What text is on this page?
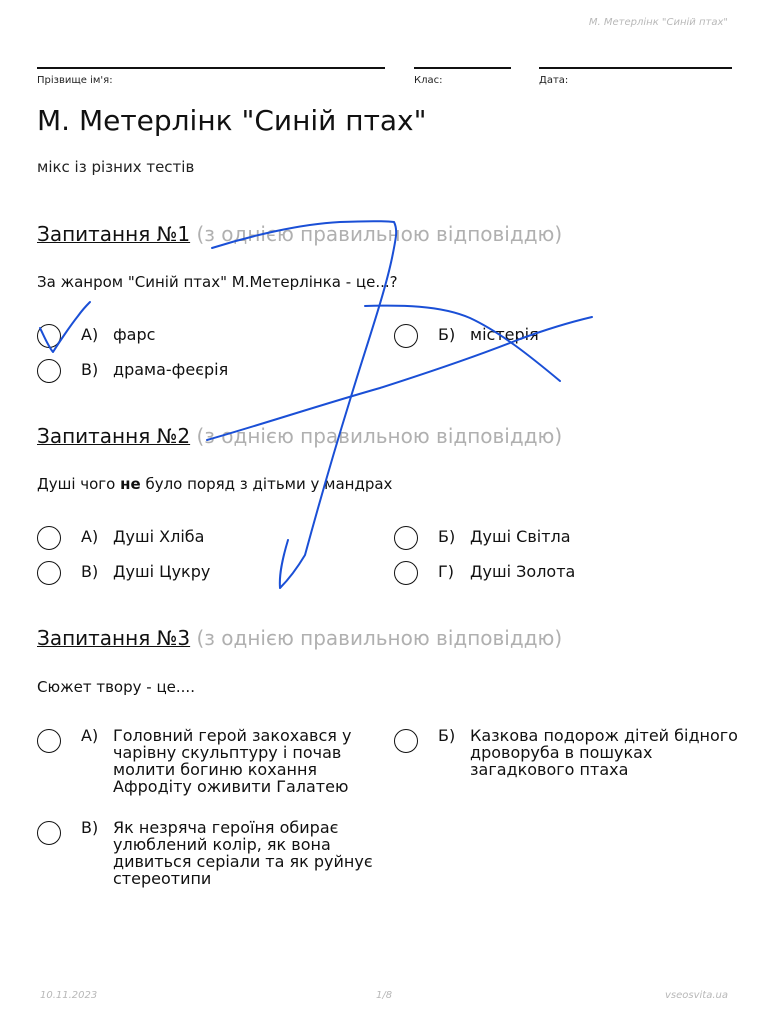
М. Метерлінк "Синій птах"
Прізвище ім'я:	Клас:	Дата:
М. Метерлінк "Синій птах"
мікс із різних тестів
Запитання №1 (з однією правильною відповіддю)
За жанром "Синій птах" М.Метерлінка - це...?
А) фарс	Б) містерія
В) драма-феєрія
Запитання №2 (з однією правильною відповіддю)
Душі чого не було поряд з дітьми у мандрах
А) Душі Хліба	Б) Душі Світла
В) Душі Цукру	Г)	Душі Золота
Запитання №3 (з однією правильною відповіддю)
Сюжет твору - це....
А) Головний герой закохався у чарівну скульптуру і почав молити богиню кохання Афродіту оживити Галатею
Б) Казкова подорож дітей бідного дроворуба в пошуках загадкового птаха
В) Як незряча героїня обирає улюблений колір, як вона дивиться серіали та як руйнує стереотипи
10.11.2023	1/8	vseosvita.ua
